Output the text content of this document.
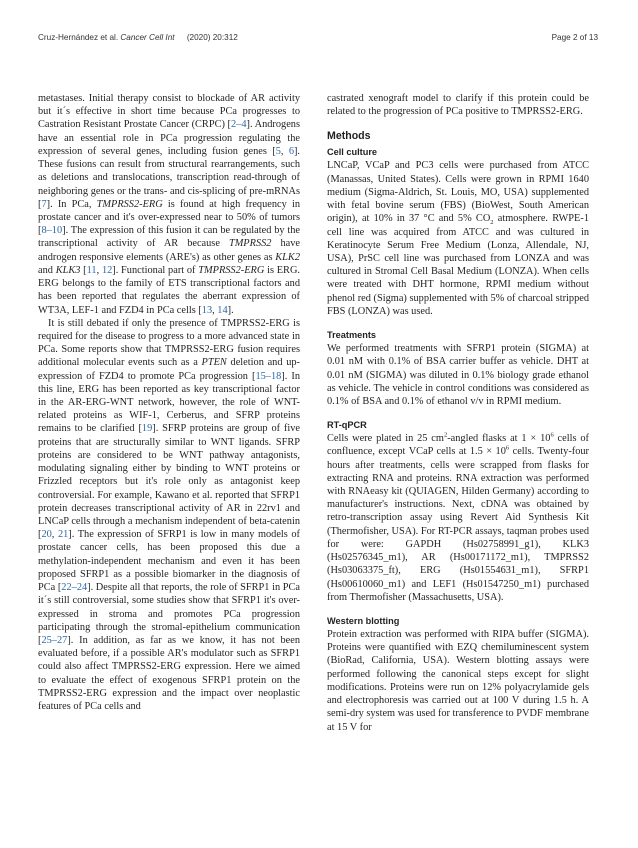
Cruz-Hernández et al. Cancer Cell Int (2020) 20:312	Page 2 of 13

metastases. Initial therapy consist to blockade of AR activity but it´s effective in short time because PCa progresses to Castration Resistant Prostate Cancer (CRPC) [2–4]. Androgens have an essential role in PCa progression regulating the expression of several genes, including fusion genes [5, 6]. These fusions can result from structural rearrangements, such as deletions and translocations, transcription read-through of neighboring genes or the trans- and cis-splicing of pre-mRNAs [7]. In PCa, TMPRSS2-ERG is found at high frequency in prostate cancer and it's over-expressed near to 50% of tumors [8–10]. The expression of this fusion it can be regulated by the transcriptional activity of AR because TMPRSS2 have androgen responsive elements (ARE's) as other genes as KLK2 and KLK3 [11, 12]. Functional part of TMPRSS2-ERG is ERG. ERG belongs to the family of ETS transcriptional factors and has been reported that regulates the aberrant expression of WT3A, LEF-1 and FZD4 in PCa cells [13, 14].

It is still debated if only the presence of TMPRSS2-ERG is required for the disease to progress to a more advanced state in PCa. Some reports show that TMPRSS2-ERG fusion requires additional molecular events such as a PTEN deletion and up-expression of FZD4 to promote PCa progression [15–18]. In this line, ERG has been reported as key transcriptional factor in the AR-ERG-WNT network, however, the role of WNT-related proteins as WIF-1, Cerberus, and SFRP proteins remains to be clarified [19]. SFRP proteins are group of five proteins that are structurally similar to WNT ligands. SFRP proteins are considered to be WNT pathway antagonists, modulating signaling either by binding to WNT proteins or Frizzled receptors but it's role only as antagonist keep controversial. For example, Kawano et al. reported that SFRP1 protein decreases transcriptional activity of AR in 22rv1 and LNCaP cells through a mechanism independent of beta-catenin [20, 21]. The expression of SFRP1 is low in many models of prostate cancer cells, has been proposed this due a methylation-independent mechanism and even it has been proposed SFRP1 as a possible biomarker in the diagnosis of PCa [22–24]. Despite all that reports, the role of SFRP1 in PCa it´s still controversial, some studies show that SFRP1 it's over-expressed in stroma and promotes PCa progression participating through the stromal-epithelium communication [25–27]. In addition, as far as we know, it has not been evaluated before, if a possible AR's modulator such as SFRP1 could also affect TMPRSS2-ERG expression. Here we aimed to evaluate the effect of exogenous SFRP1 protein on the TMPRSS2-ERG expression and the impact over neoplastic features of PCa cells and

castrated xenograft model to clarify if this protein could be related to the progression of PCa positive to TMPRSS2-ERG.

Methods
Cell culture

LNCaP, VCaP and PC3 cells were purchased from ATCC (Manassas, United States). Cells were grown in RPMI 1640 medium (Sigma-Aldrich, St. Louis, MO, USA) supplemented with fetal bovine serum (FBS) (BioWest, South American origin), at 10% in 37 °C and 5% $CO_2$ atmosphere. RWPE-1 cell line was acquired from ATCC and was cultured in Keratinocyte Serum Free Medium (Lonza, Allendale, NJ, USA), PrSC cell line was purchased from LONZA and was cultured in Stromal Cell Basal Medium (LONZA). When cells were treated with DHT hormone, RPMI medium without phenol red (Sigma) supplemented with 5% of charcoal stripped FBS (LONZA) was used.

Treatments

We performed treatments with SFRP1 protein (SIGMA) at 0.01 nM with 0.1% of BSA carrier buffer as vehicle. DHT at 0.01 nM (SIGMA) was diluted in 0.1% biology grade ethanol as vehicle. The vehicle in control conditions was considered as 0.1% of BSA and 0.1% of ethanol v/v in RPMI medium.

RT-qPCR

Cells were plated in 25 $cm^2$-angled flasks at $1 \times 10^6$ cells of confluence, except VCaP cells at $1.5 \times 10^6$ cells. Twenty-four hours after treatments, cells were scrapped from flasks for extracting RNA and proteins. RNA extraction was performed with RNAeasy kit (QUIAGEN, Hilden Germany) according to manufacturer's instructions. Next, cDNA was obtained by retro-transcription assay using Revert Aid Synthesis Kit (Thermofisher, USA). For RT-PCR assays, taqman probes used for were: GAPDH (Hs02758991_g1), KLK3 (Hs02576345_m1), AR (Hs00171172_m1), TMPRSS2 (Hs03063375_ft), ERG (Hs01554631_m1), SFRP1 (Hs00610060_m1) and LEF1 (Hs01547250_m1) purchased from Thermofisher (Massachusetts, USA).

Western blotting

Protein extraction was performed with RIPA buffer (SIGMA). Proteins were quantified with EZQ chemiluminescent system (BioRad, California, USA). Western blotting assays were performed following the canonical steps except for slight modifications. Proteins were run on 12% polyacrylamide gels and electrophoresis was carried out at 100 V during 1.5 h. A semi-dry system was used for transference to PVDF membrane at 15 V for
